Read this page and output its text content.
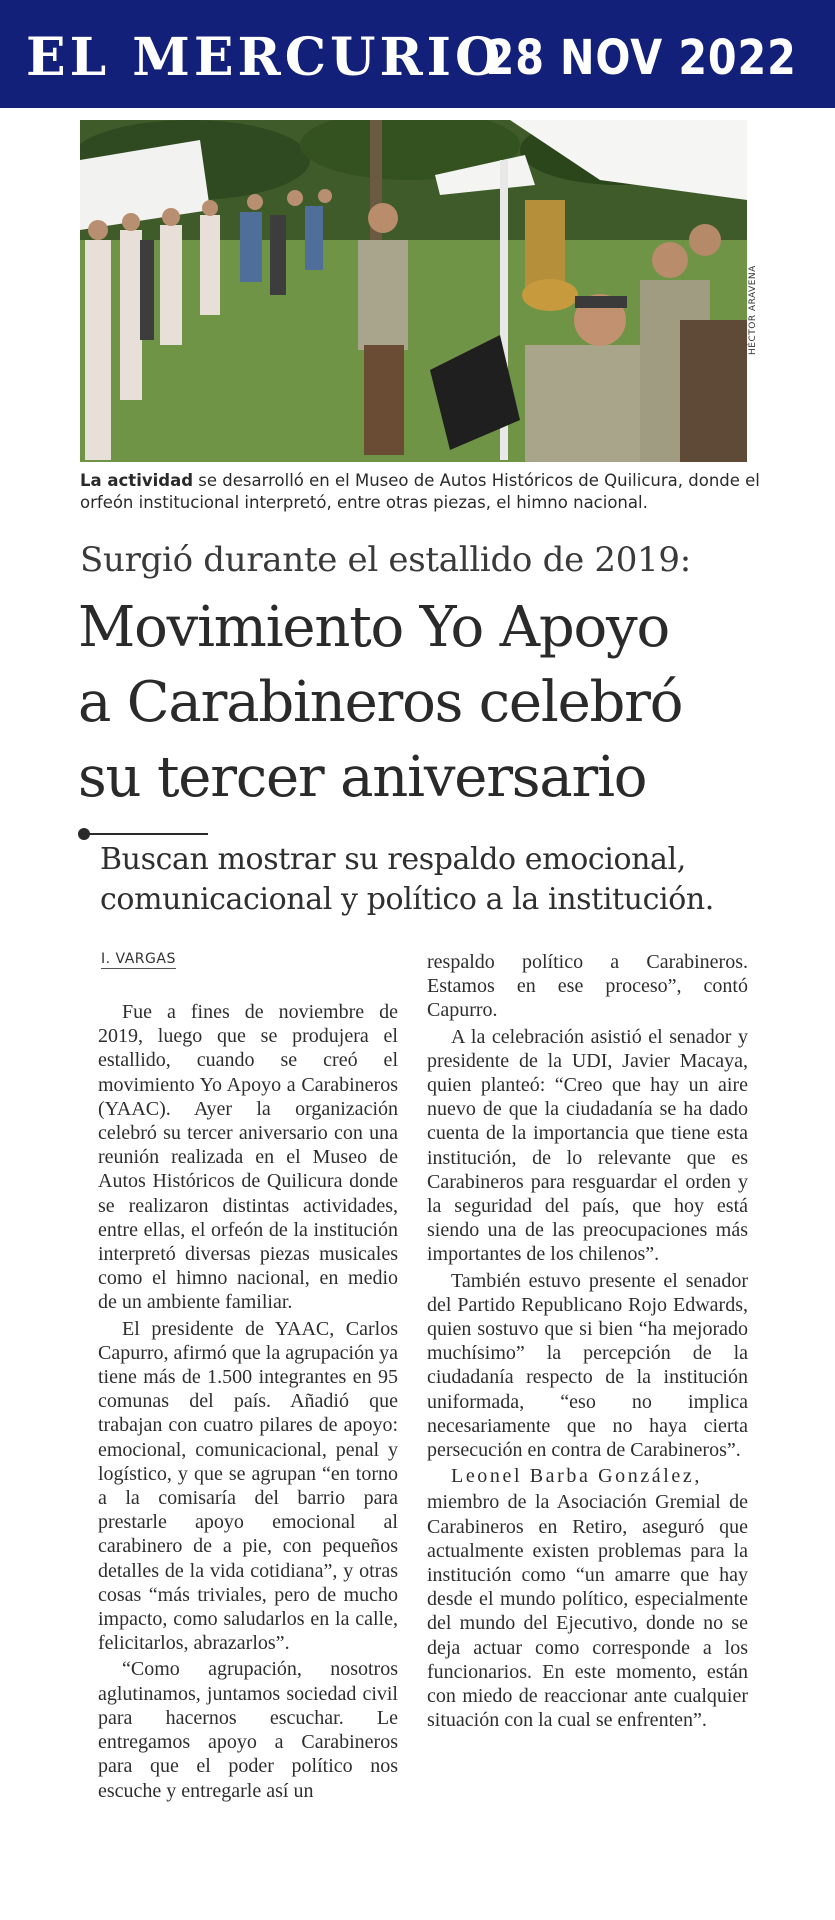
EL MERCURIO
28 NOV 2022
HÉCTOR ARAVENA
La actividad se desarrolló en el Museo de Autos Históricos de Quilicura, donde el orfeón institucional interpretó, entre otras piezas, el himno nacional.
Surgió durante el estallido de 2019:
Movimiento Yo Apoyo
a Carabineros celebró
su tercer aniversario
Buscan mostrar su respaldo emocional,
comunicacional y político a la institución.
I. VARGAS

Fue a fines de noviembre de 2019, luego que se produjera el estallido, cuando se creó el movimiento Yo Apoyo a Carabineros (YAAC). Ayer la organización celebró su tercer aniversario con una reunión realizada en el Museo de Autos Históricos de Quilicura donde se realizaron distintas actividades, entre ellas, el orfeón de la institución interpretó diversas piezas musicales como el himno nacional, en medio de un ambiente familiar.

El presidente de YAAC, Carlos Capurro, afirmó que la agrupación ya tiene más de 1.500 integrantes en 95 comunas del país. Añadió que trabajan con cuatro pilares de apoyo: emocional, comunicacional, penal y logístico, y que se agrupan “en torno a la comisaría del barrio para prestarle apoyo emocional al carabinero de a pie, con pequeños detalles de la vida cotidiana”, y otras cosas “más triviales, pero de mucho impacto, como saludarlos en la calle, felicitarlos, abrazarlos”.

“Como agrupación, nosotros aglutinamos, juntamos sociedad civil para hacernos escuchar. Le entregamos apoyo a Carabineros para que el poder político nos escuche y entregarle así un

respaldo político a Carabineros. Estamos en ese proceso”, contó Capurro.

A la celebración asistió el senador y presidente de la UDI, Javier Macaya, quien planteó: “Creo que hay un aire nuevo de que la ciudadanía se ha dado cuenta de la importancia que tiene esta institución, de lo relevante que es Carabineros para resguardar el orden y la seguridad del país, que hoy está siendo una de las preocupaciones más importantes de los chilenos”.

También estuvo presente el senador del Partido Republicano Rojo Edwards, quien sostuvo que si bien “ha mejorado muchísimo” la percepción de la ciudadanía respecto de la institución uniformada, “eso no implica necesariamente que no haya cierta persecución en contra de Carabineros”.

Leonel Barba González,

miembro de la Asociación Gremial de Carabineros en Retiro, aseguró que actualmente existen problemas para la institución como “un amarre que hay desde el mundo político, especialmente del mundo del Ejecutivo, donde no se deja actuar como corresponde a los funcionarios. En este momento, están con miedo de reaccionar ante cualquier situación con la cual se enfrenten”.
